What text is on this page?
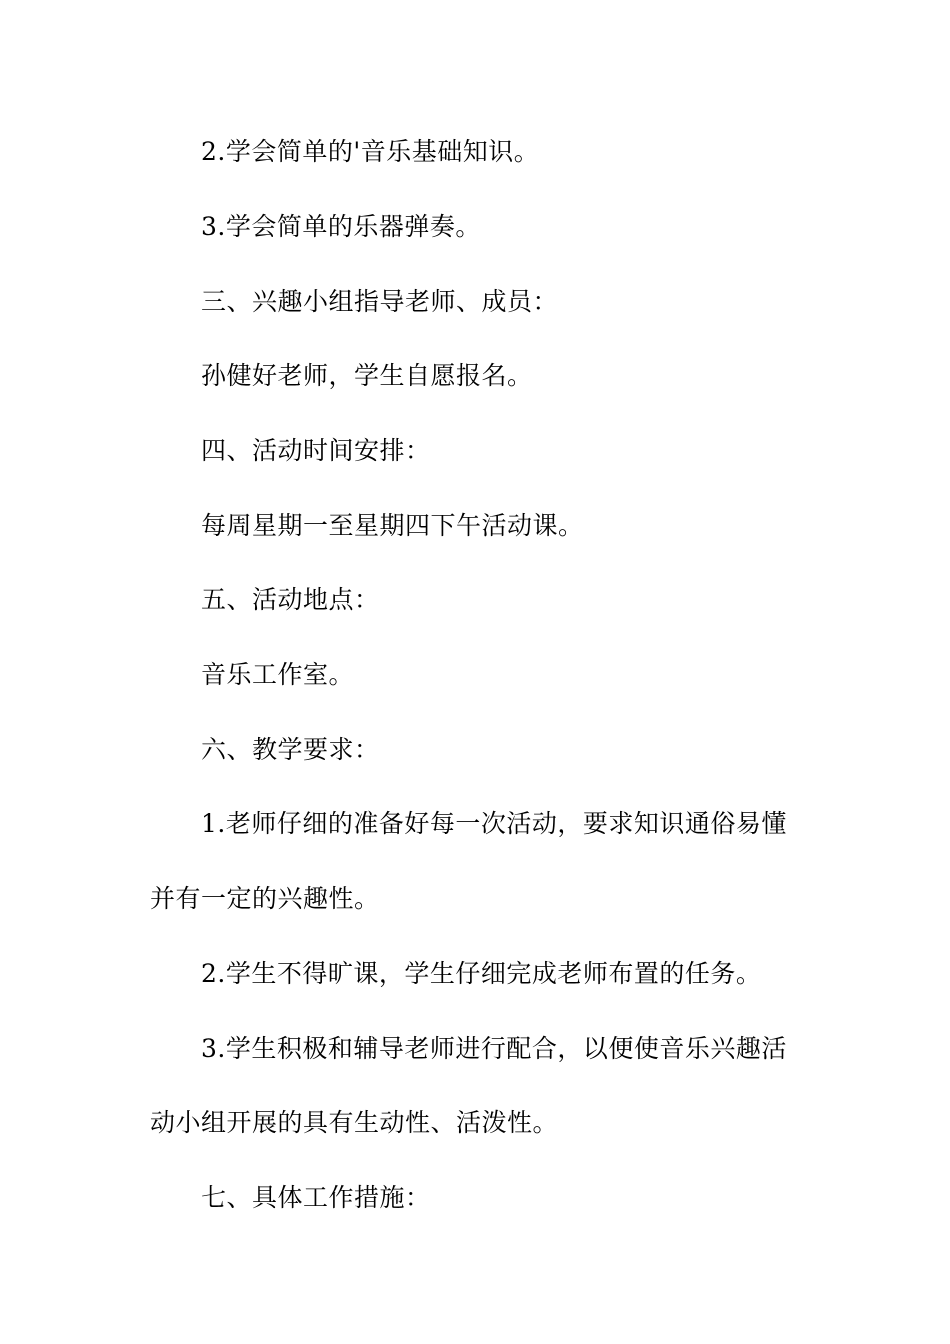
2.学会简单的'音乐基础知识。

3.学会简单的乐器弹奏。

三、兴趣小组指导老师、成员：

孙健好老师，学生自愿报名。

四、活动时间安排：

每周星期一至星期四下午活动课。

五、活动地点：

音乐工作室。

六、教学要求：

1.老师仔细的准备好每一次活动，要求知识通俗易懂

并有一定的兴趣性。

2.学生不得旷课，学生仔细完成老师布置的任务。

3.学生积极和辅导老师进行配合，以便使音乐兴趣活

动小组开展的具有生动性、活泼性。

七、具体工作措施：
